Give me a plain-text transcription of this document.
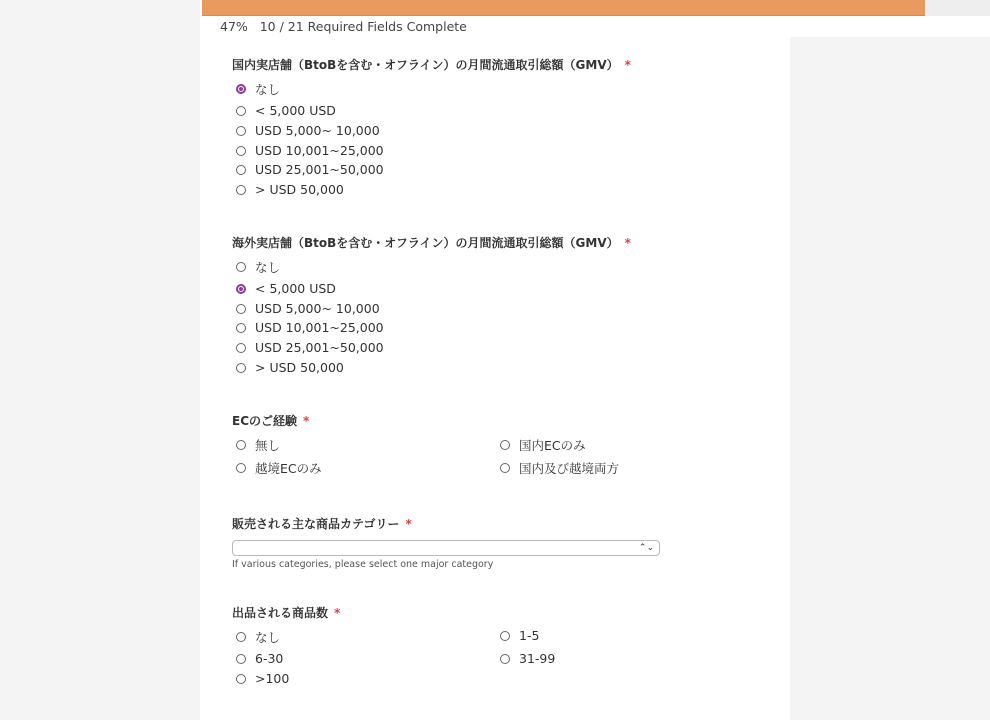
47% 10 / 21 Required Fields Complete
国内実店舗（BtoBを含む・オフライン）の月間流通取引総額（GMV） *
なし
< 5,000 USD
USD 5,000~ 10,000
USD 10,001~25,000
USD 25,001~50,000
> USD 50,000
海外実店舗（BtoBを含む・オフライン）の月間流通取引総額（GMV） *
なし
< 5,000 USD
USD 5,000~ 10,000
USD 10,001~25,000
USD 25,001~50,000
> USD 50,000
ECのご経験 *
無し	国内ECのみ
越境ECのみ	国内及び越境両方
販売される主な商品カテゴリー *
出品される商品数 *
なし	1-5
6-30	31-99
>100
⌃⌄
If various categories, please select one major category
